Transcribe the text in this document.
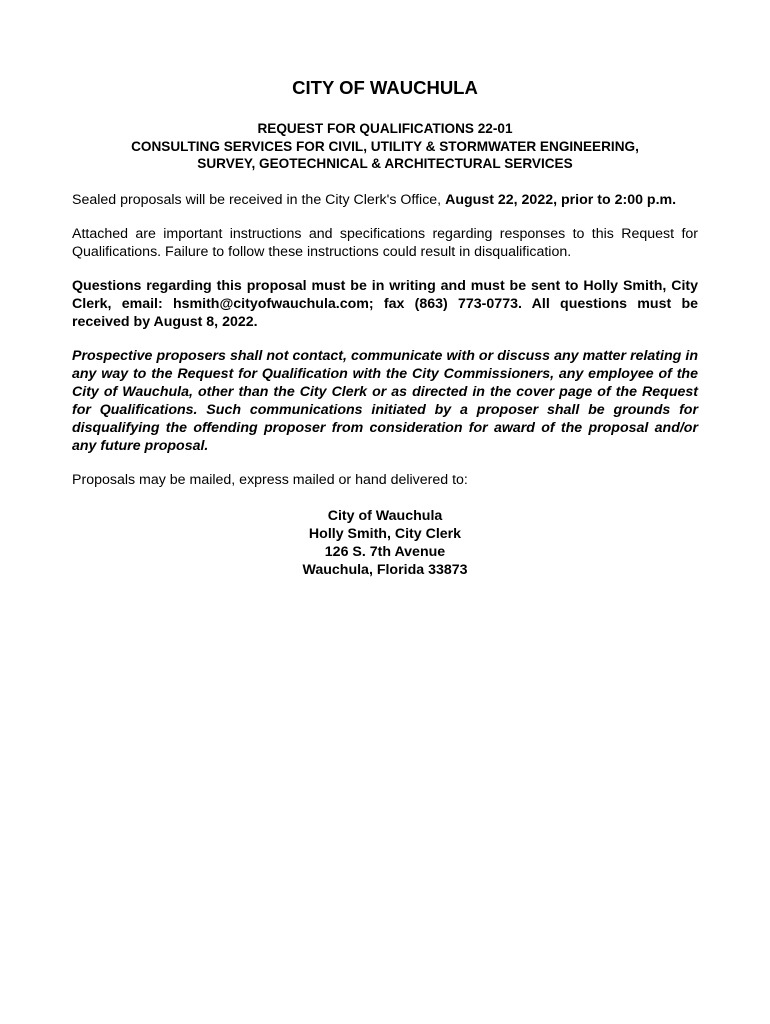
CITY OF WAUCHULA
REQUEST FOR QUALIFICATIONS 22-01
CONSULTING SERVICES FOR CIVIL, UTILITY & STORMWATER ENGINEERING,
SURVEY, GEOTECHNICAL & ARCHITECTURAL SERVICES

Sealed proposals will be received in the City Clerk's Office, August 22, 2022, prior to 2:00 p.m.

Attached are important instructions and specifications regarding responses to this Request for Qualifications. Failure to follow these instructions could result in disqualification.

Questions regarding this proposal must be in writing and must be sent to Holly Smith, City Clerk, email: hsmith@cityofwauchula.com; fax (863) 773-0773. All questions must be received by August 8, 2022.

Prospective proposers shall not contact, communicate with or discuss any matter relating in any way to the Request for Qualification with the City Commissioners, any employee of the City of Wauchula, other than the City Clerk or as directed in the cover page of the Request for Qualifications. Such communications initiated by a proposer shall be grounds for disqualifying the offending proposer from consideration for award of the proposal and/or any future proposal.

Proposals may be mailed, express mailed or hand delivered to:

City of Wauchula
Holly Smith, City Clerk
126 S. 7th Avenue
Wauchula, Florida 33873
